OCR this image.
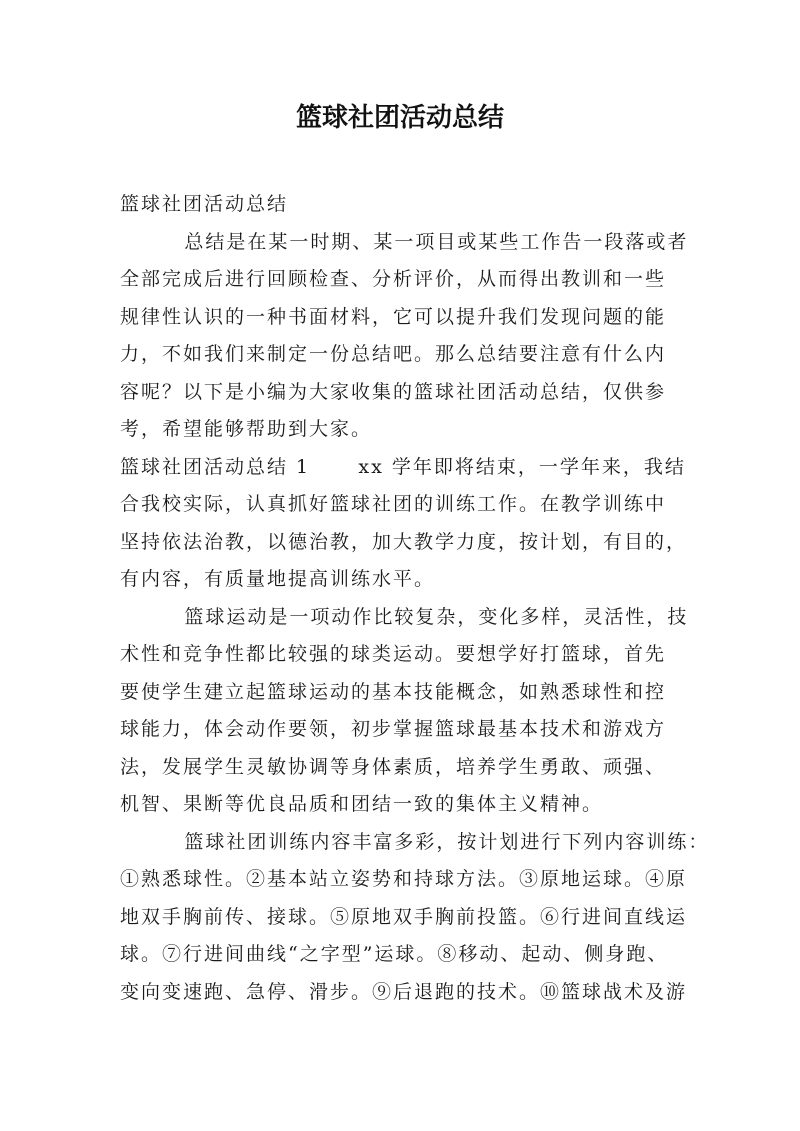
篮球社团活动总结
篮球社团活动总结
总结是在某一时期、某一项目或某些工作告一段落或者
全部完成后进行回顾检查、分析评价，从而得出教训和一些
规律性认识的一种书面材料，它可以提升我们发现问题的能
力，不如我们来制定一份总结吧。那么总结要注意有什么内
容呢？以下是小编为大家收集的篮球社团活动总结，仅供参
考，希望能够帮助到大家。
篮球社团活动总结 1      xx 学年即将结束，一学年来，我结
合我校实际，认真抓好篮球社团的训练工作。在教学训练中
坚持依法治教，以德治教，加大教学力度，按计划，有目的，
有内容，有质量地提高训练水平。
篮球运动是一项动作比较复杂，变化多样，灵活性，技
术性和竞争性都比较强的球类运动。要想学好打篮球，首先
要使学生建立起篮球运动的基本技能概念，如熟悉球性和控
球能力，体会动作要领，初步掌握篮球最基本技术和游戏方
法，发展学生灵敏协调等身体素质，培养学生勇敢、顽强、
机智、果断等优良品质和团结一致的集体主义精神。
篮球社团训练内容丰富多彩，按计划进行下列内容训练：
①熟悉球性。②基本站立姿势和持球方法。③原地运球。④原
地双手胸前传、接球。⑤原地双手胸前投篮。⑥行进间直线运
球。⑦行进间曲线“之字型”运球。⑧移动、起动、侧身跑、
变向变速跑、急停、滑步。⑨后退跑的技术。⑩篮球战术及游
